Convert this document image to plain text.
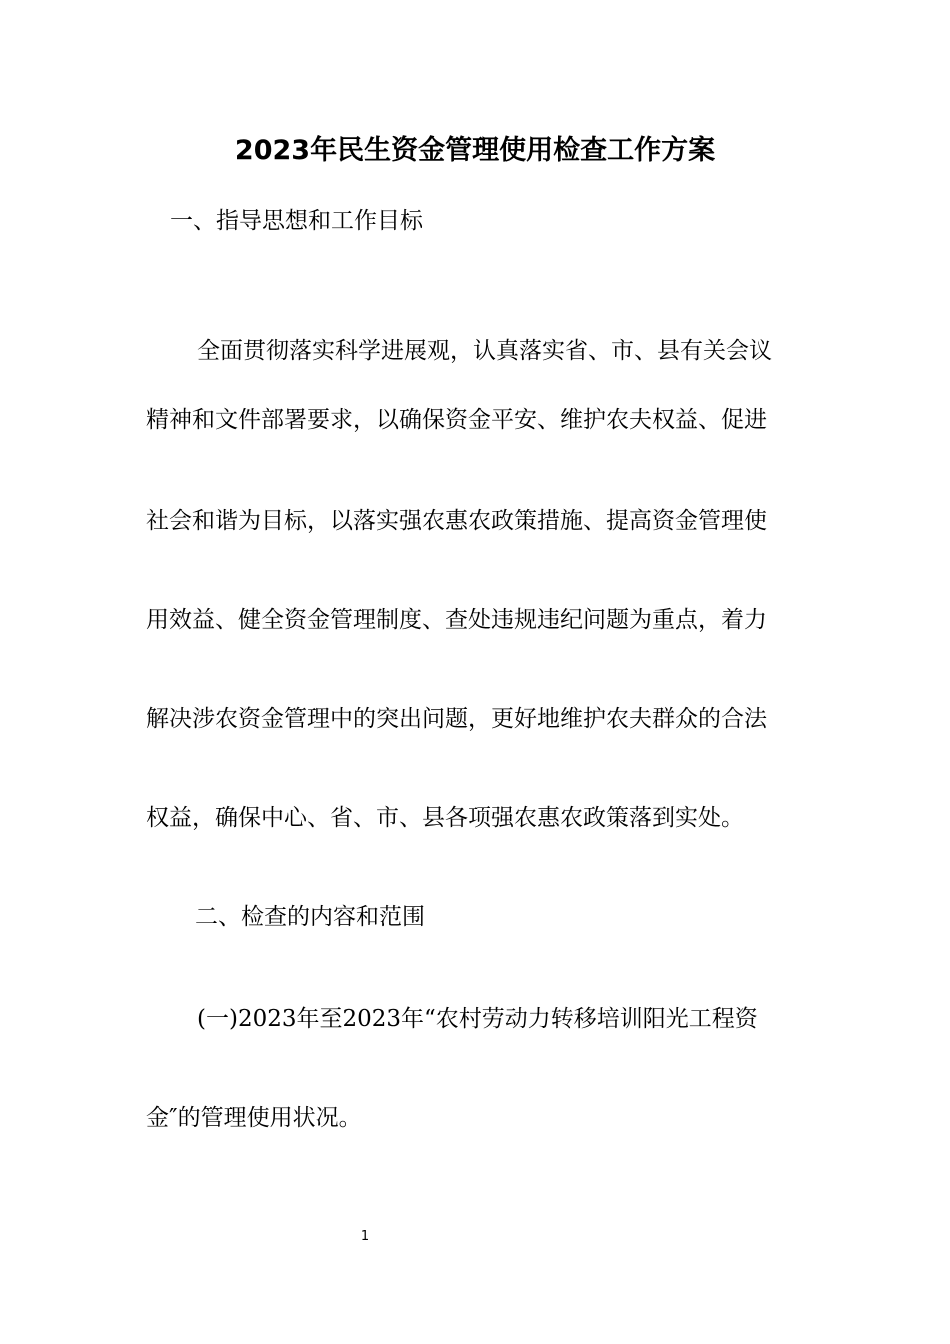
2023年民生资金管理使用检查工作方案

一、指导思想和工作目标

全面贯彻落实科学进展观，认真落实省、市、县有关会议

精神和文件部署要求，以确保资金平安、维护农夫权益、促进

社会和谐为目标，以落实强农惠农政策措施、提高资金管理使

用效益、健全资金管理制度、查处违规违纪问题为重点，着力

解决涉农资金管理中的突出问题，更好地维护农夫群众的合法

权益，确保中心、省、市、县各项强农惠农政策落到实处。

二、检查的内容和范围

(一)2023年至2023年“农村劳动力转移培训阳光工程资

金″的管理使用状况。

1
